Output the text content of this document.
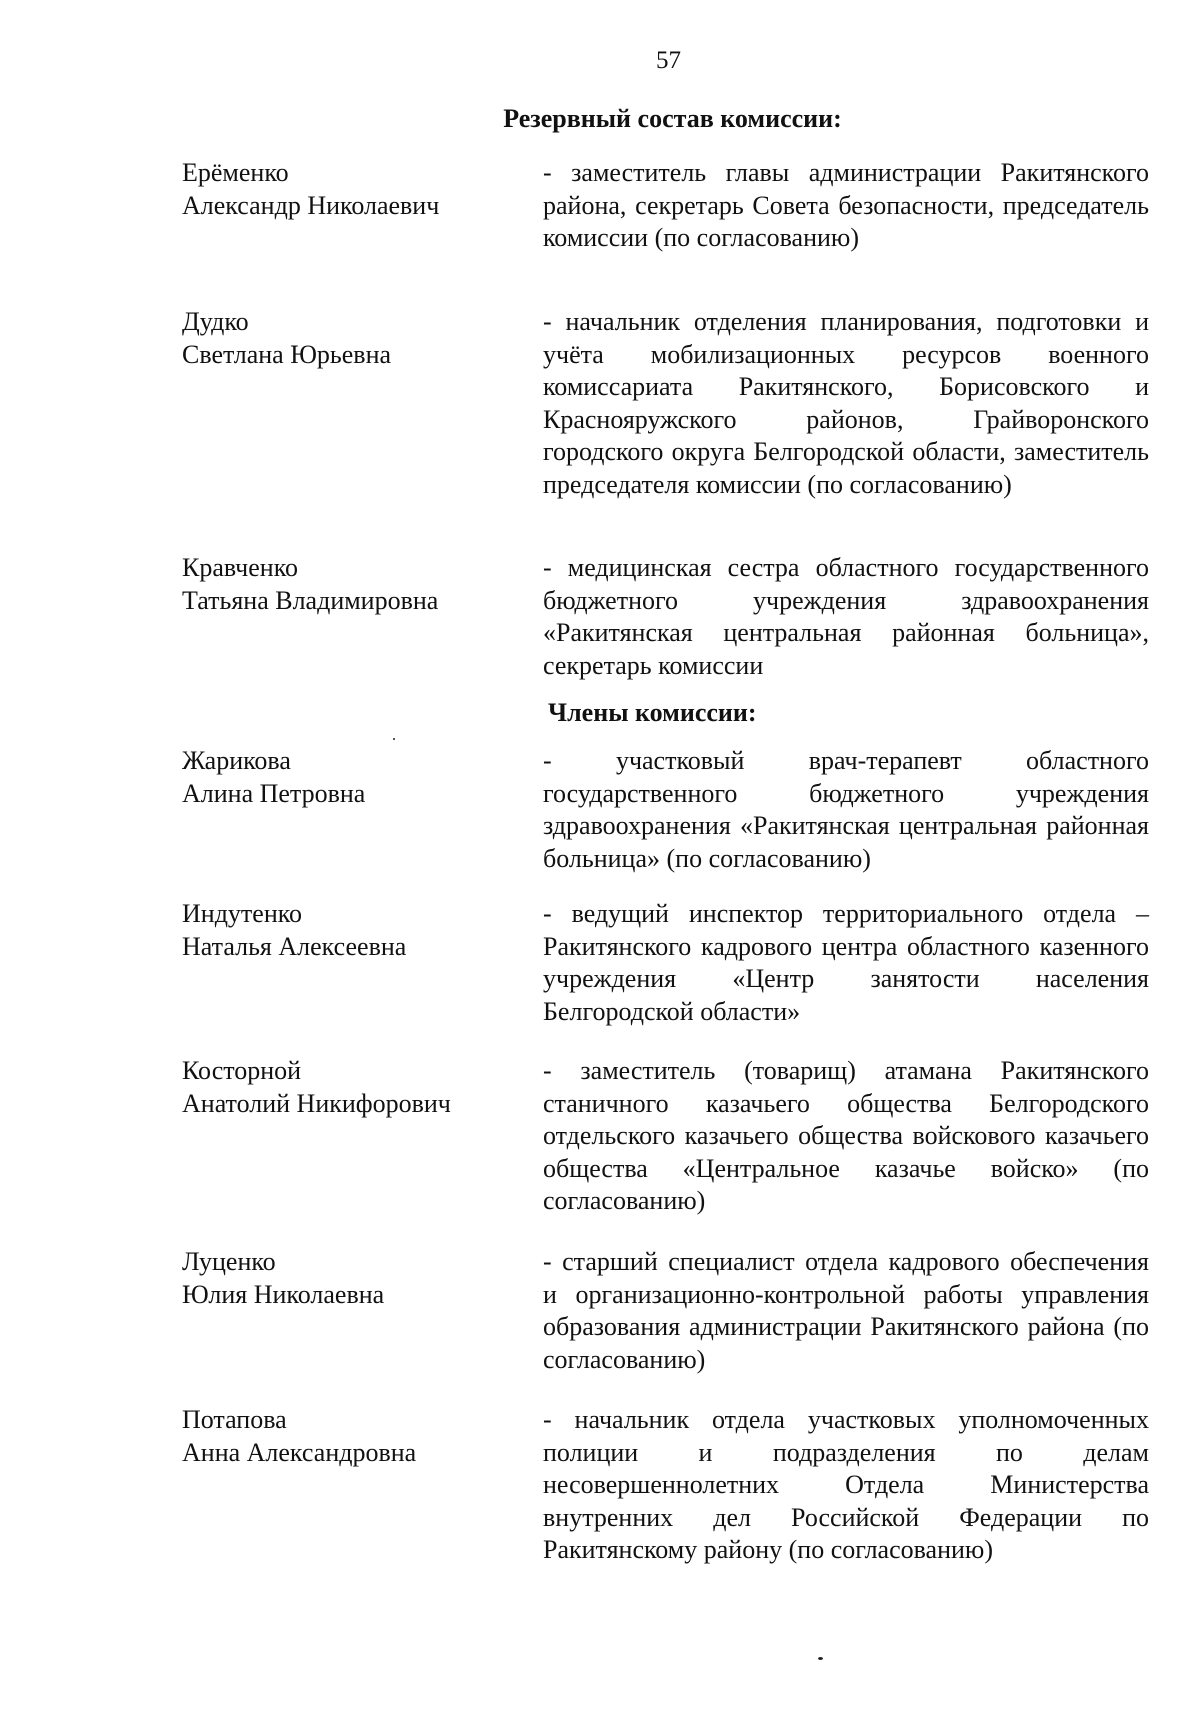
57
Резервный состав комиссии:
Ерёменко
Александр Николаевич
- заместитель главы администрации Ракитянского района, секретарь Совета безопасности, председатель комиссии (по согласованию)
Дудко
Светлана Юрьевна
- начальник отделения планирования, подготовки и учёта мобилизационных ресурсов военного комиссариата Ракитянского, Борисовского и Краснояружского районов, Грайворонского городского округа Белгородской области, заместитель председателя комиссии (по согласованию)
Кравченко
Татьяна Владимировна
- медицинская сестра областного государственного бюджетного учреждения здравоохранения «Ракитянская центральная районная больница», секретарь комиссии
Члены комиссии:
Жарикова
Алина Петровна
- участковый врач-терапевт областного государственного бюджетного учреждения здравоохранения «Ракитянская центральная районная больница» (по согласованию)
Индутенко
Наталья Алексеевна
- ведущий инспектор территориального отдела – Ракитянского кадрового центра областного казенного учреждения «Центр занятости населения Белгородской области»
Косторной
Анатолий Никифорович
- заместитель (товарищ) атамана Ракитянского станичного казачьего общества Белгородского отдельского казачьего общества войскового казачьего общества «Центральное казачье войско» (по согласованию)
Луценко
Юлия Николаевна
- старший специалист отдела кадрового обеспечения и организационно-контрольной работы управления образования администрации Ракитянского района (по согласованию)
Потапова
Анна Александровна
- начальник отдела участковых уполномоченных полиции и подразделения по делам несовершеннолетних Отдела Министерства внутренних дел Российской Федерации по Ракитянскому району (по согласованию)
